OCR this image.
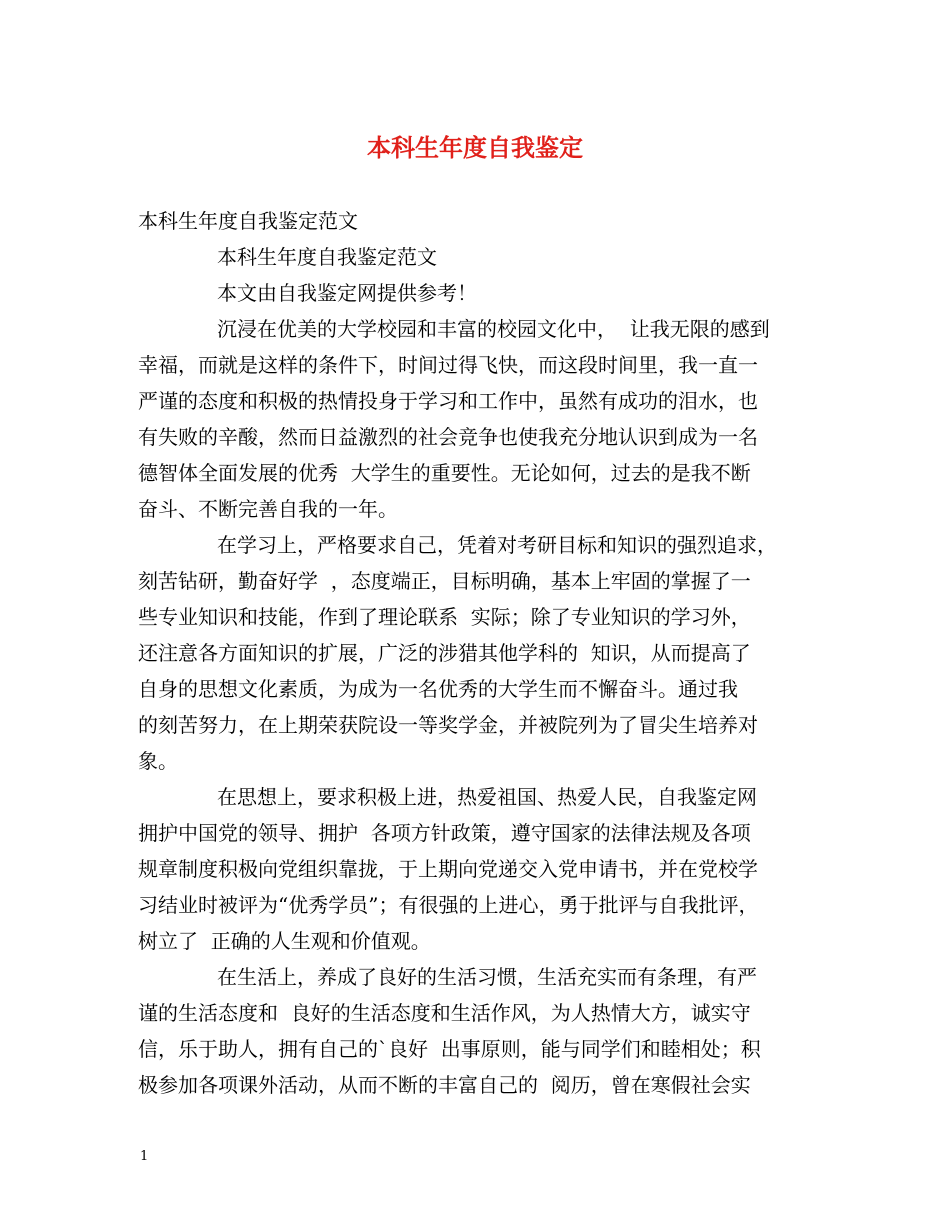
本科生年度自我鉴定
本科生年度自我鉴定范文
本科生年度自我鉴定范文
本文由自我鉴定网提供参考！
沉浸在优美的大学校园和丰富的校园文化中，  让我无限的感到
幸福，而就是这样的条件下，时间过得飞快，而这段时间里，我一直一
严谨的态度和积极的热情投身于学习和工作中，虽然有成功的泪水，也
有失败的辛酸，然而日益激烈的社会竞争也使我充分地认识到成为一名
德智体全面发展的优秀  大学生的重要性。无论如何，过去的是我不断
奋斗、不断完善自我的一年。
在学习上，严格要求自己，凭着对考研目标和知识的强烈追求，
刻苦钻研，勤奋好学  ，态度端正，目标明确，基本上牢固的掌握了一
些专业知识和技能，作到了理论联系  实际；除了专业知识的学习外，
还注意各方面知识的扩展，广泛的涉猎其他学科的  知识，从而提高了
自身的思想文化素质，为成为一名优秀的大学生而不懈奋斗。通过我
的刻苦努力，在上期荣获院设一等奖学金，并被院列为了冒尖生培养对
象。
在思想上，要求积极上进，热爱祖国、热爱人民，自我鉴定网
拥护中国党的领导、拥护  各项方针政策，遵守国家的法律法规及各项
规章制度积极向党组织靠拢，于上期向党递交入党申请书，并在党校学
习结业时被评为“优秀学员”；有很强的上进心，勇于批评与自我批评，
树立了  正确的人生观和价值观。
在生活上，养成了良好的生活习惯，生活充实而有条理，有严
谨的生活态度和  良好的生活态度和生活作风，为人热情大方，诚实守
信，乐于助人，拥有自己的`良好  出事原则，能与同学们和睦相处；积
极参加各项课外活动，从而不断的丰富自己的  阅历，曾在寒假社会实
1
